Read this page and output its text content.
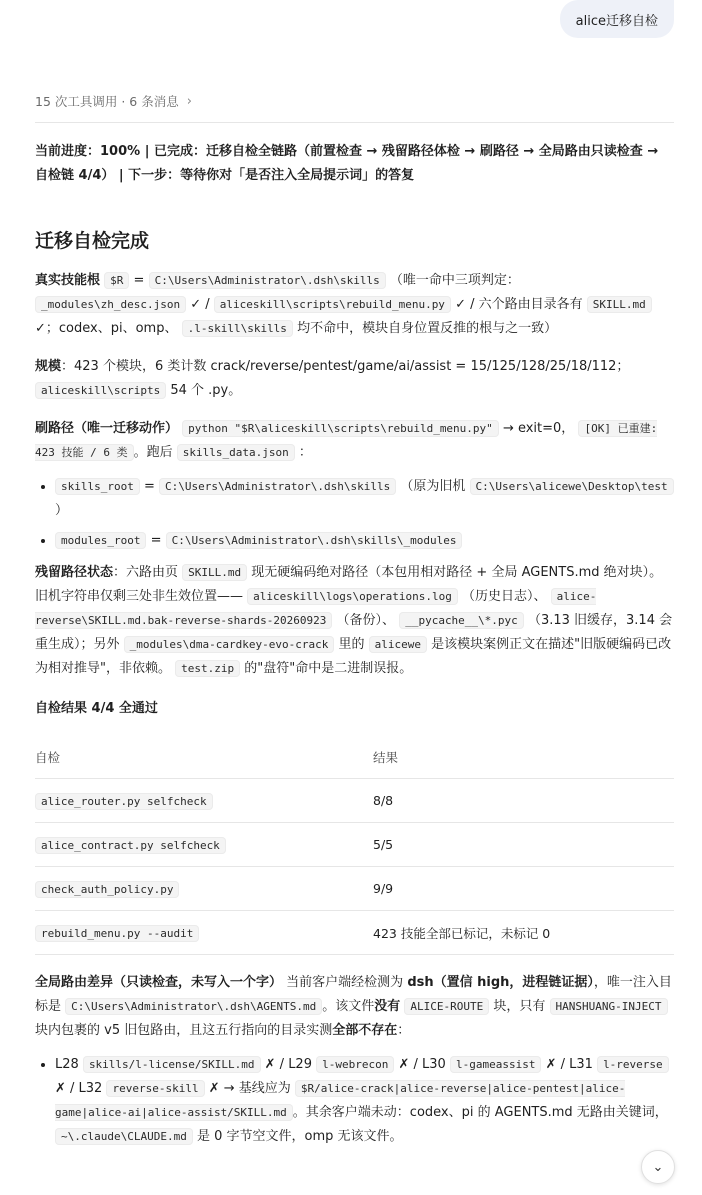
alice迁移自检
15 次工具调用 · 6 条消息 ›

当前进度：100% | 已完成：迁移自检全链路（前置检查 → 残留路径体检 → 刷路径 → 全局路由只读检查 → 自检链 4/4） | 下一步：等待你对「是否注入全局提示词」的答复

迁移自检完成

真实技能根 $R = C:\Users\Administrator\.dsh\skills （唯一命中三项判定： _modules\zh_desc.json ✓ / aliceskill\scripts\rebuild_menu.py ✓ / 六个路由目录各有 SKILL.md ✓；codex、pi、omp、 .l-skill\skills 均不命中，模块自身位置反推的根与之一致）

规模：423 个模块，6 类计数 crack/reverse/pentest/game/ai/assist = 15/125/128/25/18/112； aliceskill\scripts 54 个 .py。

刷路径（唯一迁移动作） python "$R\aliceskill\scripts\rebuild_menu.py" → exit=0， [OK] 已重建: 423 技能 / 6 类 。跑后 skills_data.json ：

• skills_root = C:\Users\Administrator\.dsh\skills （原为旧机 C:\Users\alicewe\Desktop\test ）
• modules_root = C:\Users\Administrator\.dsh\skills\_modules

残留路径状态：六路由页 SKILL.md 现无硬编码绝对路径（本包用相对路径 + 全局 AGENTS.md 绝对块）。旧机字符串仅剩三处非生效位置—— aliceskill\logs\operations.log （历史日志）、 alice-reverse\SKILL.md.bak-reverse-shards-20260923 （备份）、 __pycache__\*.pyc （3.13 旧缓存，3.14 会重生成）；另外 _modules\dma-cardkey-evo-crack 里的 alicewe 是该模块案例正文在描述"旧版硬编码已改为相对推导"，非依赖。 test.zip 的"盘符"命中是二进制误报。

自检结果 4/4 全通过

自检	结果
alice_router.py selfcheck	8/8
alice_contract.py selfcheck	5/5
check_auth_policy.py	9/9
rebuild_menu.py --audit	423 技能全部已标记，未标记 0

全局路由差异（只读检查，未写入一个字） 当前客户端经检测为 dsh（置信 high，进程链证据），唯一注入目标是 C:\Users\Administrator\.dsh\AGENTS.md 。该文件没有 ALICE-ROUTE 块，只有 HANSHUANG-INJECT 块内包裹的 v5 旧包路由，且这五行指向的目录实测全部不存在：

• L28 skills/l-license/SKILL.md ✗ / L29 l-webrecon ✗ / L30 l-gameassist ✗ / L31 l-reverse ✗ / L32 reverse-skill ✗ → 基线应为 $R/alice-crack|alice-reverse|alice-pentest|alice-game|alice-ai|alice-assist/SKILL.md 。其余客户端未动：codex、pi 的 AGENTS.md 无路由关键词， ~\.claude\CLAUDE.md 是 0 字节空文件，omp 无该文件。
⌄
